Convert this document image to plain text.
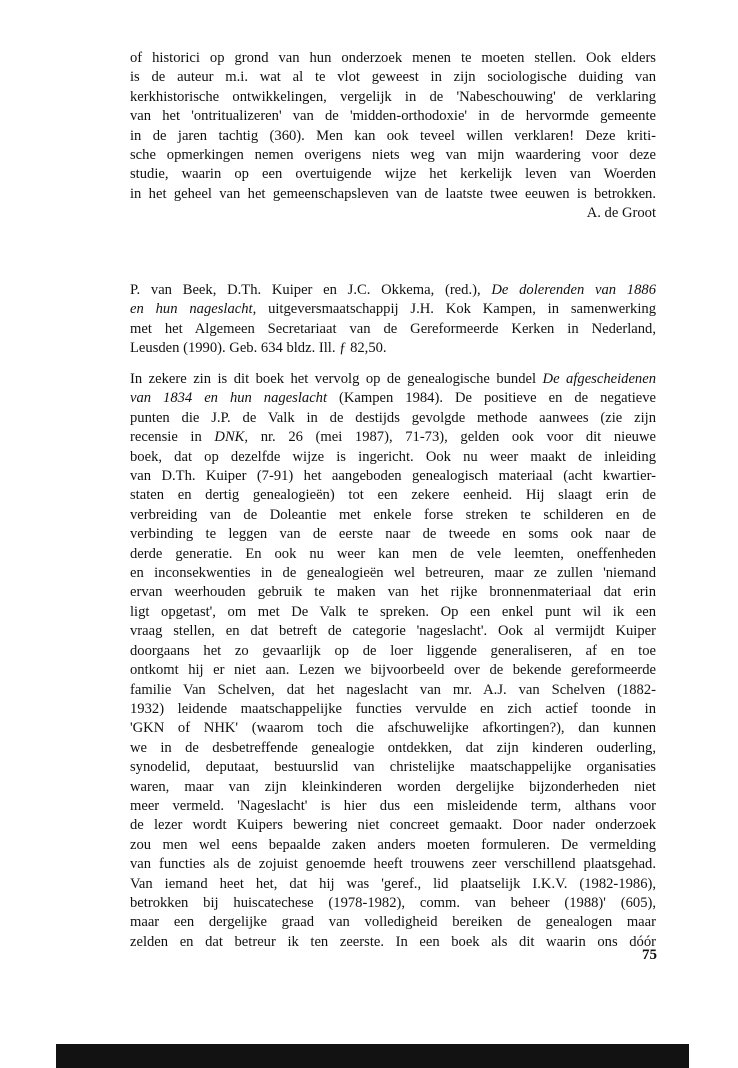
of historici op grond van hun onderzoek menen te moeten stellen. Ook elders
is de auteur m.i. wat al te vlot geweest in zijn sociologische duiding van
kerkhistorische ontwikkelingen, vergelijk in de 'Nabeschouwing' de verklaring
van het 'ontritualizeren' van de 'midden-orthodoxie' in de hervormde gemeente
in de jaren tachtig (360). Men kan ook teveel willen verklaren! Deze kriti-
sche opmerkingen nemen overigens niets weg van mijn waardering voor deze
studie, waarin op een overtuigende wijze het kerkelijk leven van Woerden
in het geheel van het gemeenschapsleven van de laatste twee eeuwen is betrokken.
A. de Groot
P. van Beek, D.Th. Kuiper en J.C. Okkema, (red.), De dolerenden van 1886
en hun nageslacht, uitgeversmaatschappij J.H. Kok Kampen, in samenwerking
met het Algemeen Secretariaat van de Gereformeerde Kerken in Nederland,
Leusden (1990). Geb. 634 bldz. Ill. ƒ 82,50.
In zekere zin is dit boek het vervolg op de genealogische bundel De afgescheidenen
van 1834 en hun nageslacht (Kampen 1984). De positieve en de negatieve
punten die J.P. de Valk in de destijds gevolgde methode aanwees (zie zijn
recensie in DNK, nr. 26 (mei 1987), 71-73), gelden ook voor dit nieuwe
boek, dat op dezelfde wijze is ingericht. Ook nu weer maakt de inleiding
van D.Th. Kuiper (7-91) het aangeboden genealogisch materiaal (acht kwartier-
staten en dertig genealogieën) tot een zekere eenheid. Hij slaagt erin de
verbreiding van de Doleantie met enkele forse streken te schilderen en de
verbinding te leggen van de eerste naar de tweede en soms ook naar de
derde generatie. En ook nu weer kan men de vele leemten, oneffenheden
en inconsekwenties in de genealogieën wel betreuren, maar ze zullen 'niemand
ervan weerhouden gebruik te maken van het rijke bronnenmateriaal dat erin
ligt opgetast', om met De Valk te spreken. Op een enkel punt wil ik een
vraag stellen, en dat betreft de categorie 'nageslacht'. Ook al vermijdt Kuiper
doorgaans het zo gevaarlijk op de loer liggende generaliseren, af en toe
ontkomt hij er niet aan. Lezen we bijvoorbeeld over de bekende gereformeerde
familie Van Schelven, dat het nageslacht van mr. A.J. van Schelven (1882-
1932) leidende maatschappelijke functies vervulde en zich actief toonde in
'GKN of NHK' (waarom toch die afschuwelijke afkortingen?), dan kunnen
we in de desbetreffende genealogie ontdekken, dat zijn kinderen ouderling,
synodelid, deputaat, bestuurslid van christelijke maatschappelijke organisaties
waren, maar van zijn kleinkinderen worden dergelijke bijzonderheden niet
meer vermeld. 'Nageslacht' is hier dus een misleidende term, althans voor
de lezer wordt Kuipers bewering niet concreet gemaakt. Door nader onderzoek
zou men wel eens bepaalde zaken anders moeten formuleren. De vermelding
van functies als de zojuist genoemde heeft trouwens zeer verschillend plaatsgehad.
Van iemand heet het, dat hij was 'geref., lid plaatselijk I.K.V. (1982-1986),
betrokken bij huiscatechese (1978-1982), comm. van beheer (1988)' (605),
maar een dergelijke graad van volledigheid bereiken de genealogen maar
zelden en dat betreur ik ten zeerste. In een boek als dit waarin ons dóór
75
